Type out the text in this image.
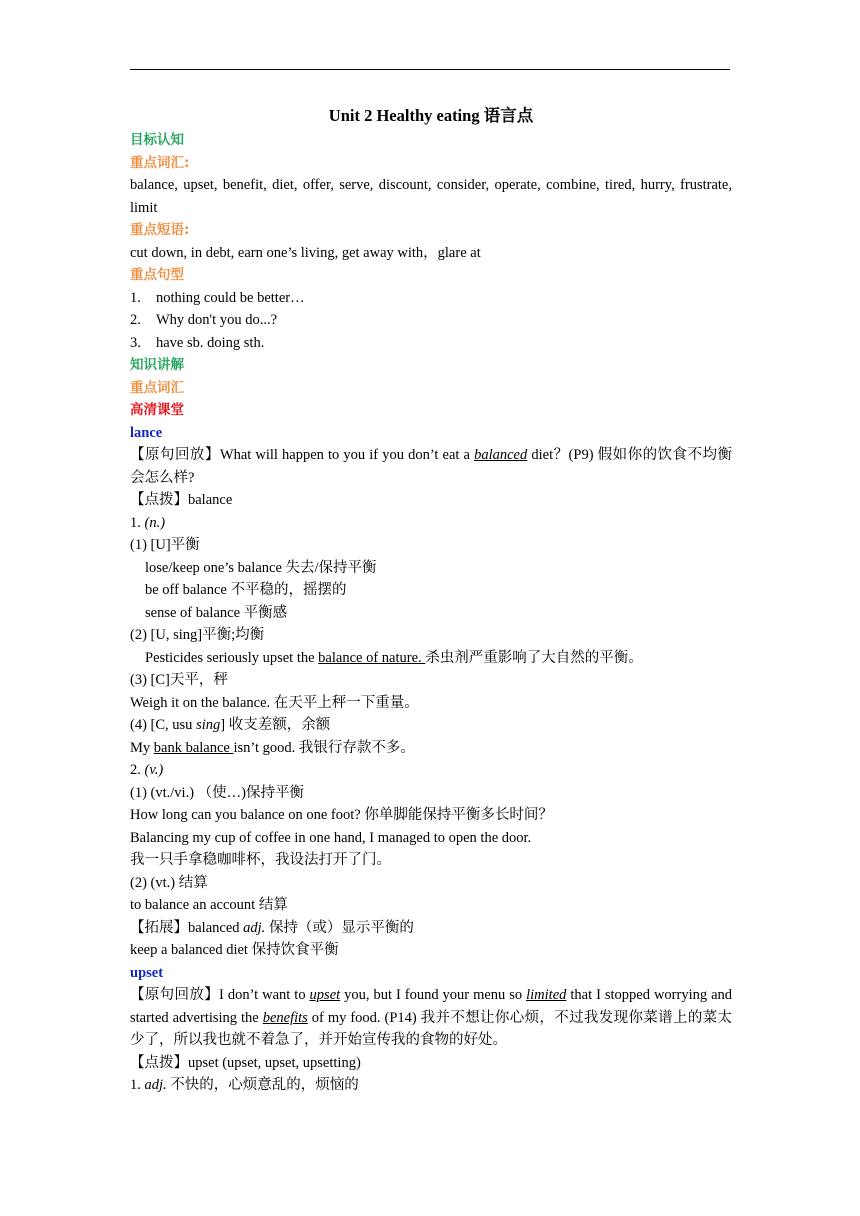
Unit 2 Healthy eating 语言点
目标认知
重点词汇:
balance, upset, benefit, diet, offer, serve, discount, consider, operate, combine, tired, hurry, frustrate, limit
重点短语:
cut down, in debt, earn one’s living, get away with，glare at
重点句型
1. nothing could be better…
2. Why don't you do...?
3. have sb. doing sth.
知识讲解
重点词汇
高清课堂
lance
【原句回放】What will happen to you if you don’t eat a balanced diet？(P9) 假如你的饮食不均衡会怎么样?
【点拨】balance
1. (n.)
(1) [U]平衡
lose/keep one’s balance 失去/保持平衡
be off balance 不平稳的，摇摆的
sense of balance 平衡感
(2) [U, sing]平衡;均衡
Pesticides seriously upset the balance of nature. 杀虫剂严重影响了大自然的平衡。
(3) [C]天平，秤
Weigh it on the balance. 在天平上秤一下重量。
(4) [C, usu sing] 收支差额，余额
My bank balance isn’t good. 我银行存款不多。
2. (v.)
(1) (vt./vi.) （使…)保持平衡
How long can you balance on one foot? 你单脚能保持平衡多长时间？
Balancing my cup of coffee in one hand, I managed to open the door.
我一只手拿稳咖啡杯，我设法打开了门。
(2) (vt.) 结算
to balance an account 结算
【拓展】balanced adj. 保持（或）显示平衡的
keep a balanced diet 保持饮食平衡
upset
【原句回放】I don’t want to upset you, but I found your menu so limited that I stopped worrying and started advertising the benefits of my food. (P14) 我并不想让你心烦，不过我发现你菜谱上的菜太少了，所以我也就不着急了，并开始宣传我的食物的好处。
【点拨】upset (upset, upset, upsetting)
1. adj. 不快的，心烦意乱的，烦恼的
